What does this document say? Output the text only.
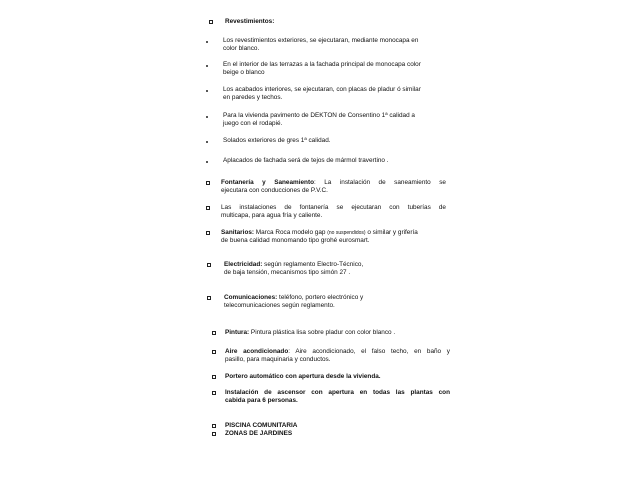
Revestimientos:
Los revestimientos exteriores, se ejecutaran, mediante monocapa en
color blanco.
En el interior de las terrazas a la fachada principal de monocapa color
beige o blanco
Los acabados interiores, se ejecutaran, con placas de pladur ó similar
en paredes y techos.
Para la vivienda pavimento de DEKTON de Consentino 1ª calidad a
juego con el rodapié.
Solados exteriores de gres 1ª calidad.
Aplacados de fachada será de tejos de mármol travertino .
Fontanería y Saneamiento: La instalación de saneamiento se
ejecutara con conducciones de P.V.C.
Las instalaciones de fontanería se ejecutaran con tuberías de
multicapa, para agua fría y caliente.
Sanitarios: Marca Roca modelo gap (no suspendidos) o similar y grifería
de buena calidad monomando tipo grohé eurosmart.
Electricidad: según reglamento Electro-Técnico,
de baja tensión, mecanismos tipo simón 27 .
Comunicaciones: teléfono, portero electrónico y
telecomunicaciones según reglamento.
Pintura: Pintura plástica lisa sobre pladur con color blanco .
Aire acondicionado: Aire acondicionado, el falso techo, en baño y
pasillo, para maquinaria y conductos.
Portero automático con apertura desde la vivienda.
Instalación de ascensor con apertura en todas las plantas con
cabida para 6 personas.
PISCINA COMUNITARIA
ZONAS DE JARDINES
